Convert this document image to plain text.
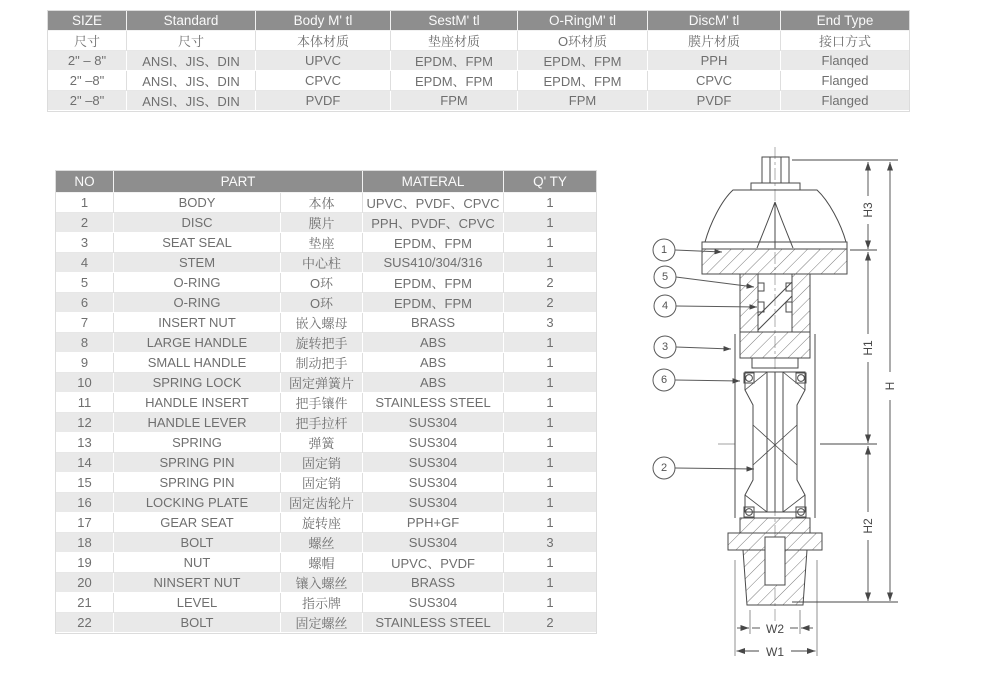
SIZE	Standard	Body M' tl	SestM' tl	O-RingM' tl	DiscM' tl	End Type
尺寸	尺寸	本体材质	垫座材质	O环材质	膜片材质	接口方式
2" – 8"	ANSI、JIS、DIN	UPVC	EPDM、FPM	EPDM、FPM	PPH	Flanqed
2" –8"	ANSI、JIS、DIN	CPVC	EPDM、FPM	EPDM、FPM	CPVC	Flanged
2" –8"	ANSI、JIS、DIN	PVDF	FPM	FPM	PVDF	Flanged
NO	PART		MATERAL	Q' TY
1	BODY	本体	UPVC、PVDF、CPVC	1
2	DISC	膜片	PPH、PVDF、CPVC	1
3	SEAT SEAL	垫座	EPDM、FPM	1
4	STEM	中心柱	SUS410/304/316	1
5	O-RING	O环	EPDM、FPM	2
6	O-RING	O环	EPDM、FPM	2
7	INSERT NUT	嵌入螺母	BRASS	3
8	LARGE HANDLE	旋转把手	ABS	1
9	SMALL HANDLE	制动把手	ABS	1
10	SPRING LOCK	固定弹簧片	ABS	1
11	HANDLE INSERT	把手镶件	STAINLESS STEEL	1
12	HANDLE LEVER	把手拉杆	SUS304	1
13	SPRING	弹簧	SUS304	1
14	SPRING PIN	固定销	SUS304	1
15	SPRING PIN	固定销	SUS304	1
16	LOCKING PLATE	固定齿轮片	SUS304	1
17	GEAR SEAT	旋转座	PPH+GF	1
18	BOLT	螺丝	SUS304	3
19	NUT	螺帽	UPVC、PVDF	1
20	NINSERT NUT	镶入螺丝	BRASS	1
21	LEVEL	指示牌	SUS304	1
22	BOLT	固定螺丝	STAINLESS STEEL	2
1
5
4
3
6
2
H3
H1
H2
H
W2
W1
